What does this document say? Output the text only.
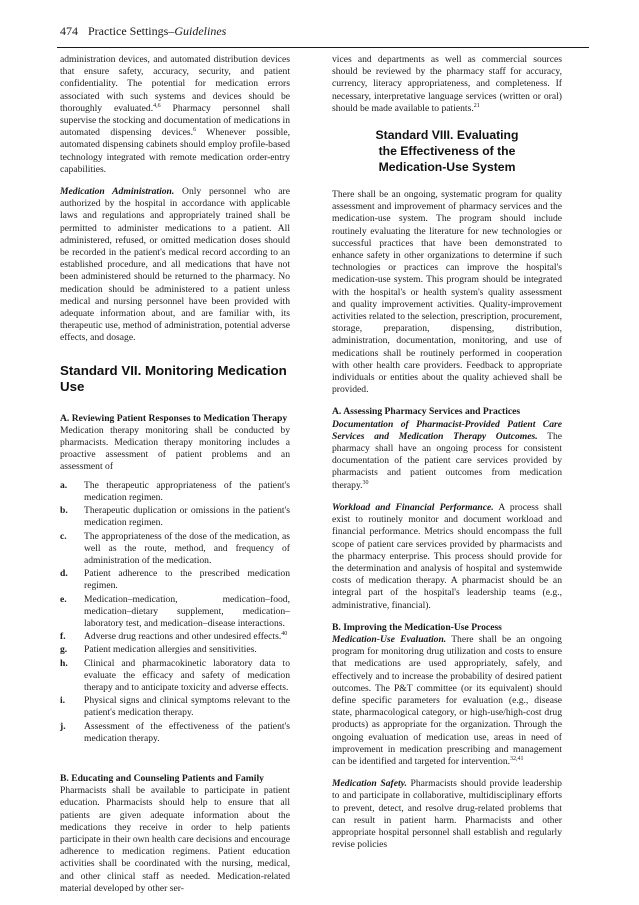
474 Practice Settings–Guidelines

administration devices, and automated distribution devices that ensure safety, accuracy, security, and patient confidentiality. The potential for medication errors associated with such systems and devices should be thoroughly evaluated.$^{4,6}$ Pharmacy personnel shall supervise the stocking and documentation of medications in automated dispensing devices.$^6$ Whenever possible, automated dispensing cabinets should employ profile-based technology integrated with remote medication order-entry capabilities.

Medication Administration. Only personnel who are authorized by the hospital in accordance with applicable laws and regulations and appropriately trained shall be permitted to administer medications to a patient. All administered, refused, or omitted medication doses should be recorded in the patient's medical record according to an established procedure, and all medications that have not been administered should be returned to the pharmacy. No medication should be administered to a patient unless medical and nursing personnel have been provided with adequate information about, and are familiar with, its therapeutic use, method of administration, potential adverse effects, and dosage.

Standard VII. Monitoring Medication Use

A. Reviewing Patient Responses to Medication Therapy
Medication therapy monitoring shall be conducted by pharmacists. Medication therapy monitoring includes a proactive assessment of patient problems and an assessment of

a. The therapeutic appropriateness of the patient's medication regimen.
b. Therapeutic duplication or omissions in the patient's medication regimen.
c. The appropriateness of the dose of the medication, as well as the route, method, and frequency of administration of the medication.
d. Patient adherence to the prescribed medication regimen.
e. Medication–medication, medication–food, medication–dietary supplement, medication–laboratory test, and medication–disease interactions.
f. Adverse drug reactions and other undesired effects.$^{40}$
g. Patient medication allergies and sensitivities.
h. Clinical and pharmacokinetic laboratory data to evaluate the efficacy and safety of medication therapy and to anticipate toxicity and adverse effects.
i. Physical signs and clinical symptoms relevant to the patient's medication therapy.
j. Assessment of the effectiveness of the patient's medication therapy.

B. Educating and Counseling Patients and Family
Pharmacists shall be available to participate in patient education. Pharmacists should help to ensure that all patients are given adequate information about the medications they receive in order to help patients participate in their own health care decisions and encourage adherence to medication regimens. Patient education activities shall be coordinated with the nursing, medical, and other clinical staff as needed. Medication-related material developed by other ser-

vices and departments as well as commercial sources should be reviewed by the pharmacy staff for accuracy, currency, literacy appropriateness, and completeness. If necessary, interpretative language services (written or oral) should be made available to patients.$^{21}$

Standard VIII. Evaluating
the Effectiveness of the
Medication-Use System

There shall be an ongoing, systematic program for quality assessment and improvement of pharmacy services and the medication-use system. The program should include routinely evaluating the literature for new technologies or successful practices that have been demonstrated to enhance safety in other organizations to determine if such technologies or practices can improve the hospital's medication-use system. This program should be integrated with the hospital's or health system's quality assessment and quality improvement activities. Quality-improvement activities related to the selection, prescription, procurement, storage, preparation, dispensing, distribution, administration, documentation, monitoring, and use of medications shall be routinely performed in cooperation with other health care providers. Feedback to appropriate individuals or entities about the quality achieved shall be provided.

A. Assessing Pharmacy Services and Practices
Documentation of Pharmacist-Provided Patient Care Services and Medication Therapy Outcomes. The pharmacy shall have an ongoing process for consistent documentation of the patient care services provided by pharmacists and patient outcomes from medication therapy.$^{30}$

Workload and Financial Performance. A process shall exist to routinely monitor and document workload and financial performance. Metrics should encompass the full scope of patient care services provided by pharmacists and the pharmacy enterprise. This process should provide for the determination and analysis of hospital and systemwide costs of medication therapy. A pharmacist should be an integral part of the hospital's leadership teams (e.g., administrative, financial).

B. Improving the Medication-Use Process
Medication-Use Evaluation. There shall be an ongoing program for monitoring drug utilization and costs to ensure that medications are used appropriately, safely, and effectively and to increase the probability of desired patient outcomes. The P&T committee (or its equivalent) should define specific parameters for evaluation (e.g., disease state, pharmacological category, or high-use/high-cost drug products) as appropriate for the organization. Through the ongoing evaluation of medication use, areas in need of improvement in medication prescribing and management can be identified and targeted for intervention.$^{32,41}$

Medication Safety. Pharmacists should provide leadership to and participate in collaborative, multidisciplinary efforts to prevent, detect, and resolve drug-related problems that can result in patient harm. Pharmacists and other appropriate hospital personnel shall establish and regularly revise policies
